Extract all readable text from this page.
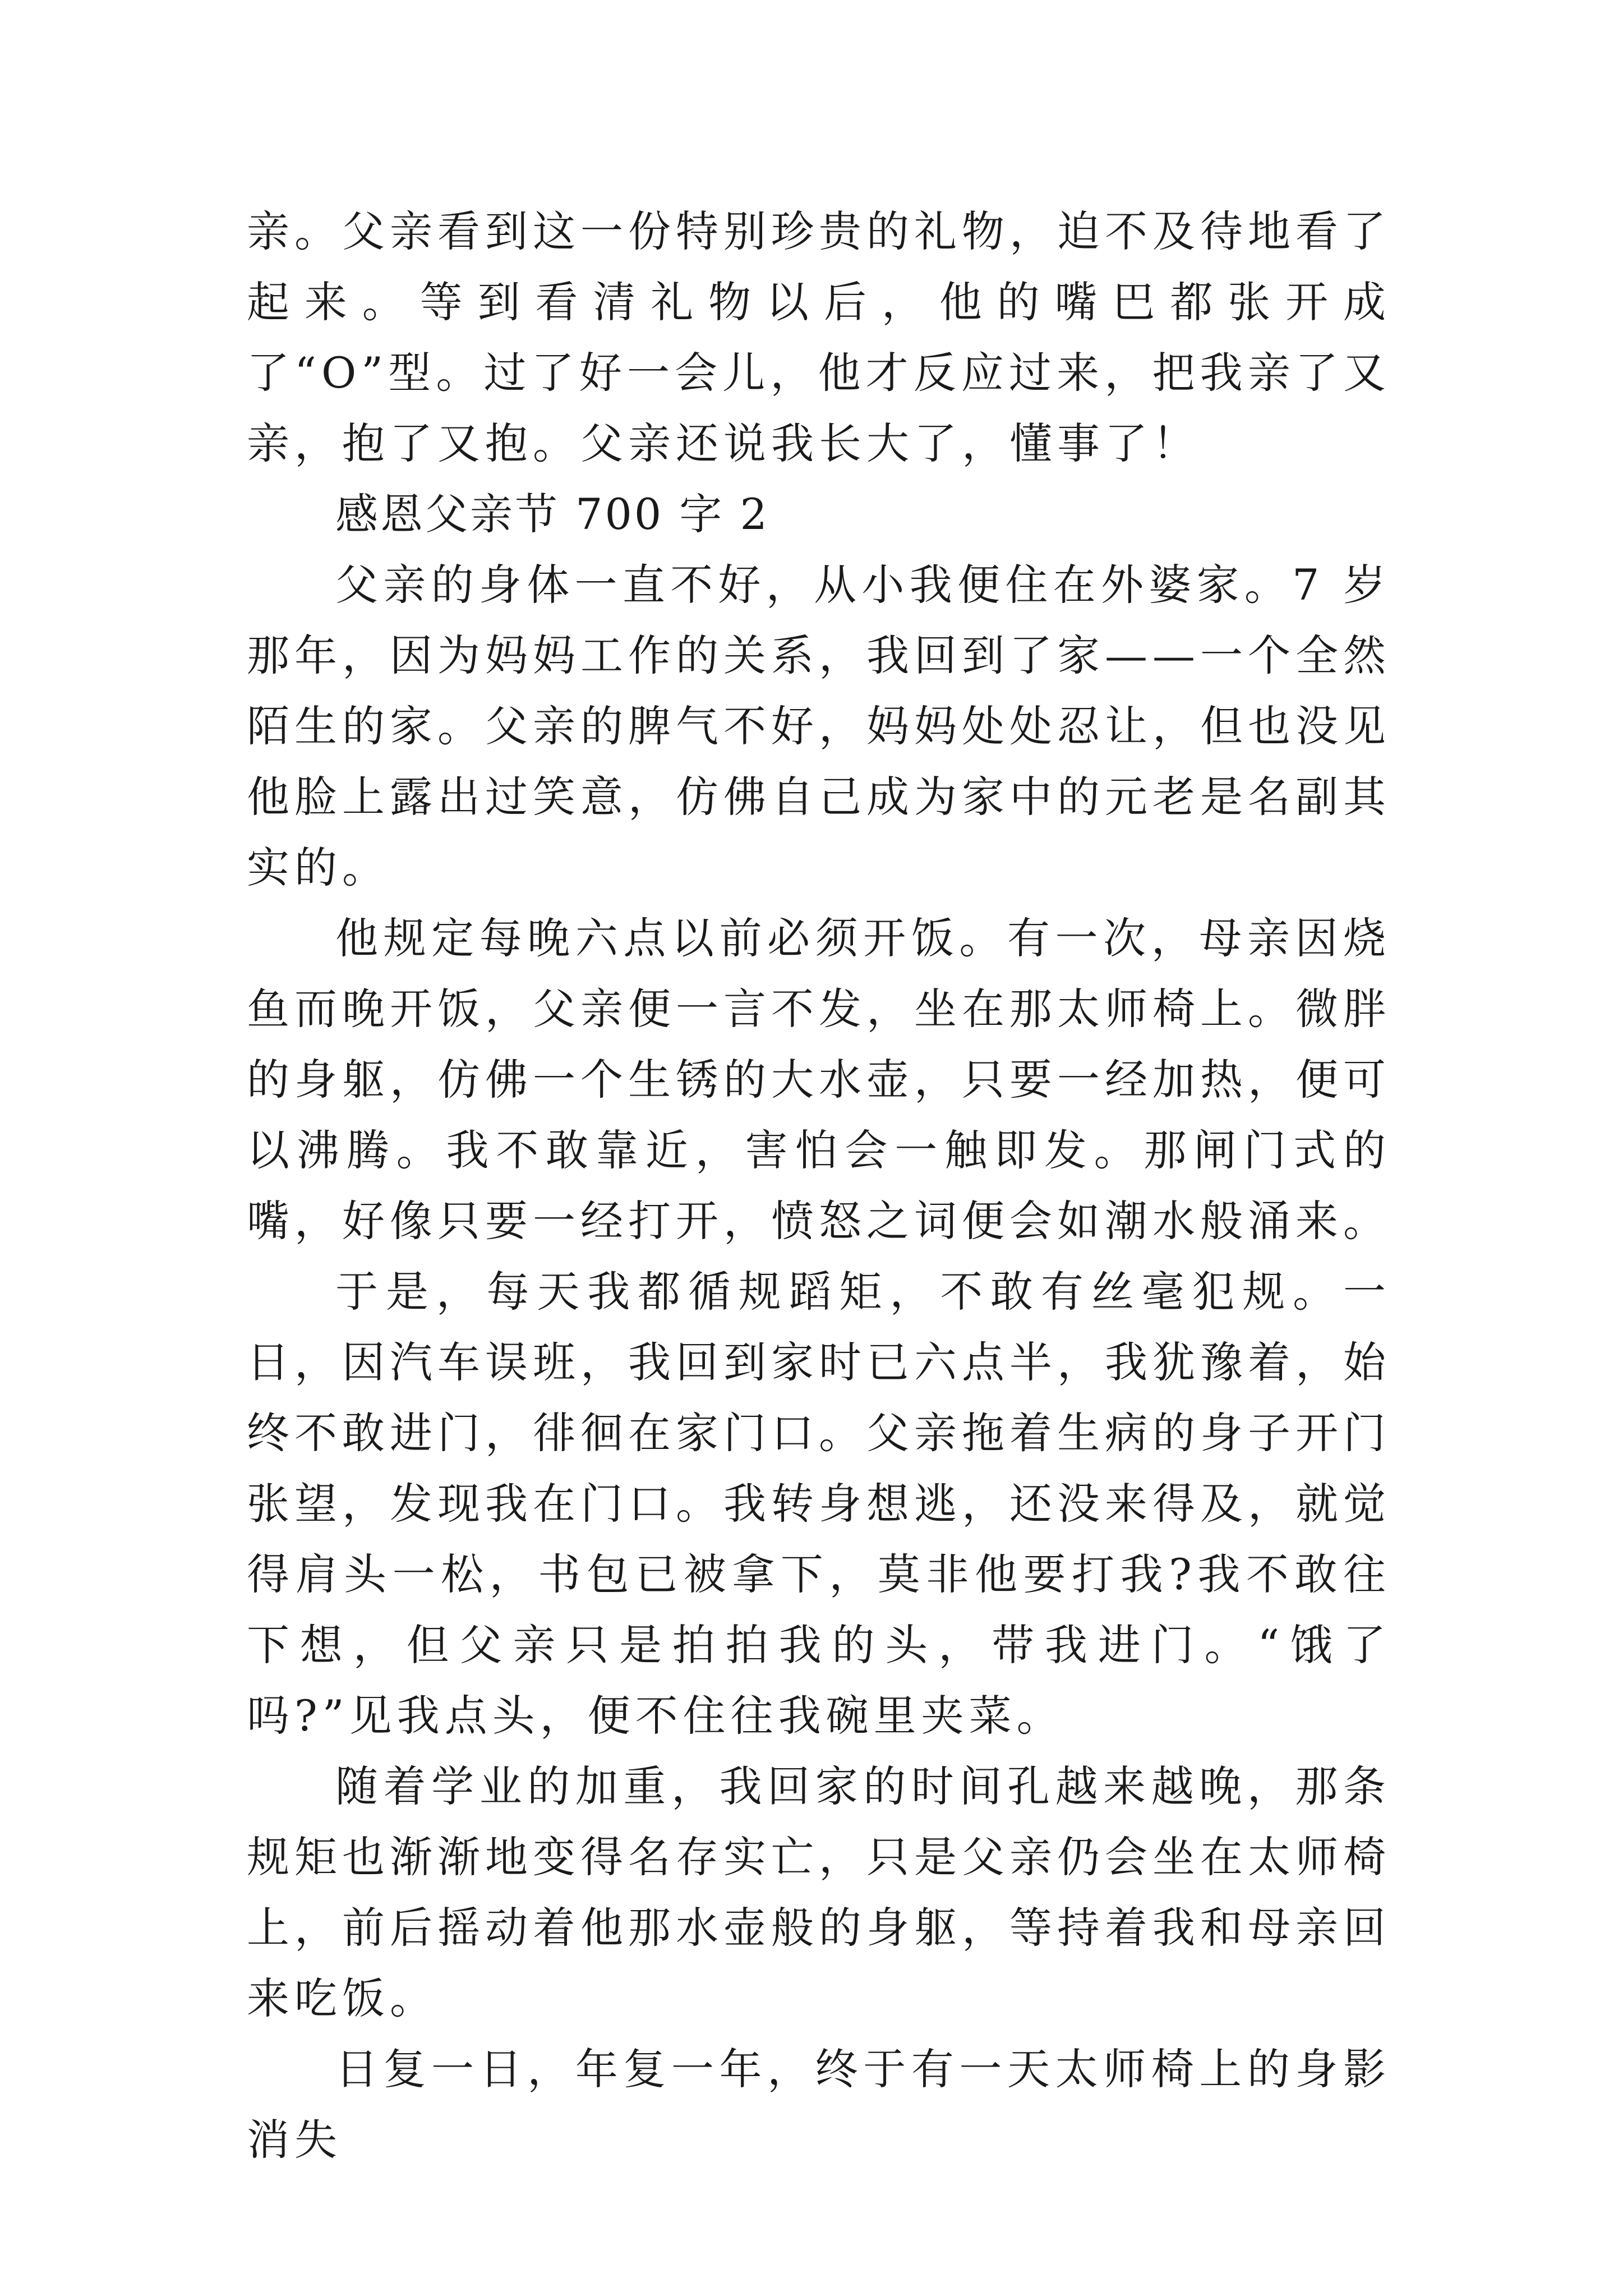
亲。父亲看到这一份特别珍贵的礼物，迫不及待地看了起来。等到看清礼物以后，他的嘴巴都张开成了“O”型。过了好一会儿，他才反应过来，把我亲了又亲，抱了又抱。父亲还说我长大了，懂事了！

感恩父亲节 700 字 2

父亲的身体一直不好，从小我便住在外婆家。7 岁那年，因为妈妈工作的关系，我回到了家——一个全然陌生的家。父亲的脾气不好，妈妈处处忍让，但也没见他脸上露出过笑意，仿佛自己成为家中的元老是名副其实的。

他规定每晚六点以前必须开饭。有一次，母亲因烧鱼而晚开饭，父亲便一言不发，坐在那太师椅上。微胖的身躯，仿佛一个生锈的大水壶，只要一经加热，便可以沸腾。我不敢靠近，害怕会一触即发。那闸门式的嘴，好像只要一经打开，愤怒之词便会如潮水般涌来。

于是，每天我都循规蹈矩，不敢有丝毫犯规。一日，因汽车误班，我回到家时已六点半，我犹豫着，始终不敢进门，徘徊在家门口。父亲拖着生病的身子开门张望，发现我在门口。我转身想逃，还没来得及，就觉得肩头一松，书包已被拿下，莫非他要打我?我不敢往下想，但父亲只是拍拍我的头，带我进门。“饿了吗?”见我点头，便不住往我碗里夹菜。

随着学业的加重，我回家的时间孔越来越晚，那条规矩也渐渐地变得名存实亡，只是父亲仍会坐在太师椅上，前后摇动着他那水壶般的身躯，等持着我和母亲回来吃饭。

日复一日，年复一年，终于有一天太师椅上的身影消失
